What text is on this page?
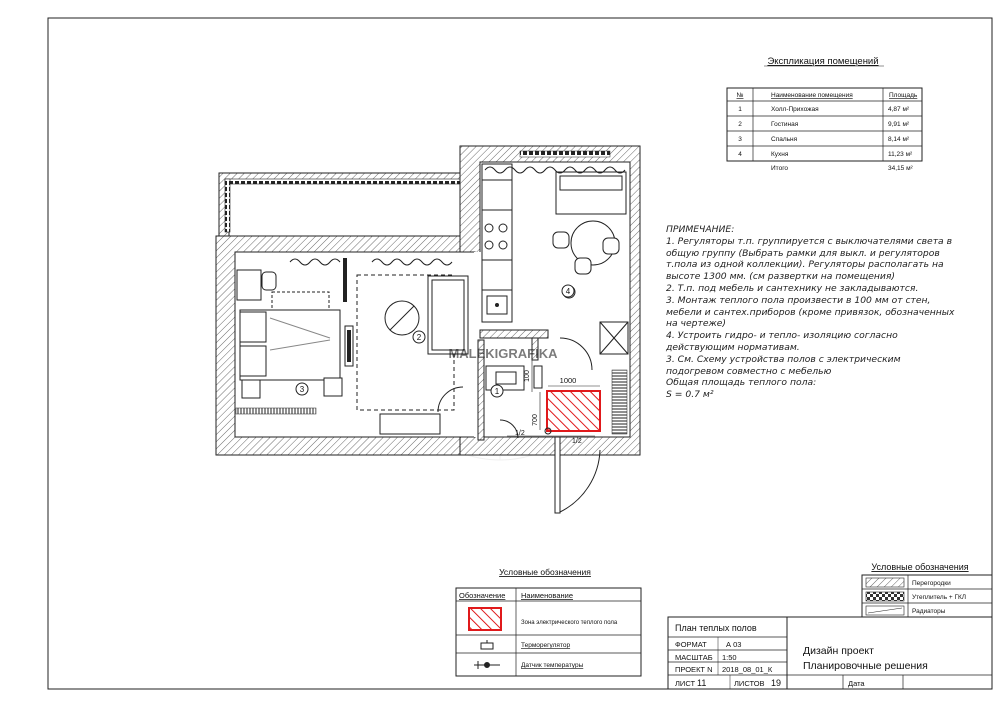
3
2
1
4
1000
700
100
1/2
1/2
MALEKIGRAFIKA
Экспликация помещений
№	Наименование помещения	Площадь
1	Холл-Прихожая	4,87 м²
2	Гостиная	9,91 м²
3	Спальня	8,14 м²
4	Кухня	11,23 м²
Итого	34,15 м²
Условные обозначения
Обозначение Наименование
Зона электрического теплого пола
Терморегулятор
Датчик температуры
Условные обозначения
Перегородки
Утеплитель + ГКЛ
Радиаторы
План теплых полов
ФОРМАТ	А 03
МАСШТАБ 1:50
ПРОЕКТ N 2018_08_01_К
ЛИСТ 11	ЛИСТОВ 19
Дизайн проект
Планировочные решения
Дата
ПРИМЕЧАНИЕ:
1. Регуляторы т.п. группируется с выключателями света в
общую группу (Выбрать рамки для выкл. и регуляторов
т.пола из одной коллекции). Регуляторы располагать на
высоте 1300 мм. (см развертки на помещения)
2. Т.п. под мебель и сантехнику не закладываются.
3. Монтаж теплого пола произвести в 100 мм от стен,
мебели и сантех.приборов (кроме привязок, обозначенных
на чертеже)
4. Устроить гидро- и тепло- изоляцию согласно
действующим нормативам.
3. См. Схему устройства полов с электрическим
подогревом совместно с мебелью
Общая площадь теплого пола:
S = 0.7 м²
